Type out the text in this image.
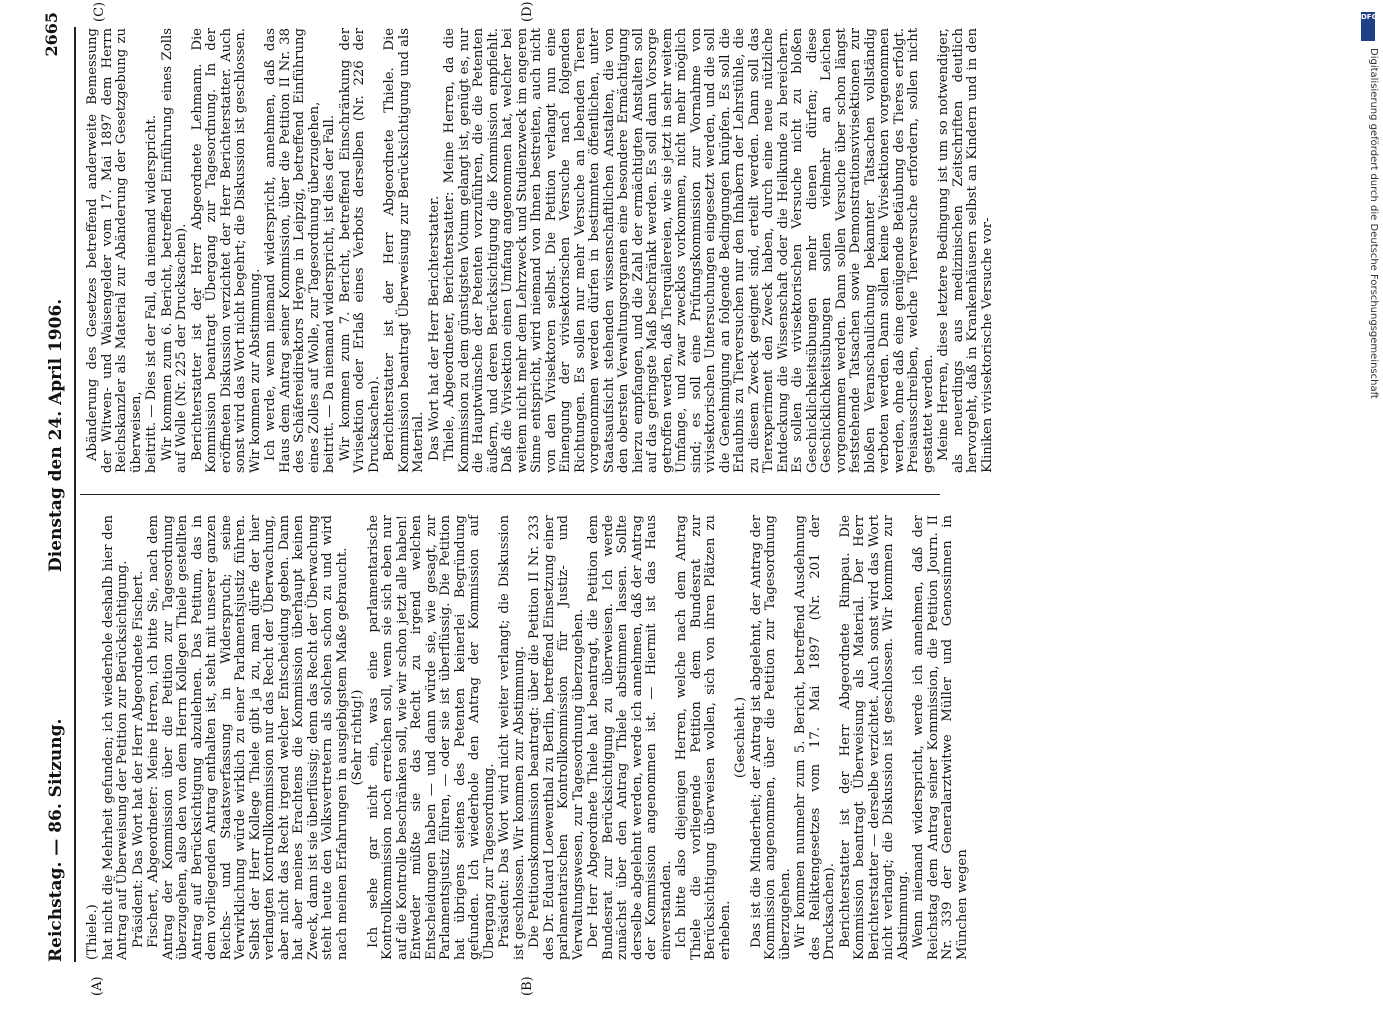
Reichstag. — 86. Sitzung.
Dienstag den 24. April 1906.
2665
(A)	(B)
(C)	(D)

(Thiele.) hat nicht die Mehrheit gefunden; ich wiederhole deshalb hier den Antrag auf Überweisung der Petition zur Berücksichtigung. Präsident: Das Wort hat der Herr Abgeordnete Fischert. Fischert, Abgeordneter: Meine Herren, ich bitte Sie, nach dem Antrag der Kommission über die Petition zur Tagesordnung überzugehen, also den von dem Herrn Kollegen Thiele gestellten Antrag auf Berücksichtigung abzulehnen. Das Petitum, das in dem vorliegenden Antrag enthalten ist, steht mit unserer ganzen Reichs- und Staatsverfassung in Widerspruch; seine Verwirklichung würde wirklich zu einer Parlamentsjustiz führen. Selbst der Herr Kollege Thiele gibt ja zu, man dürfe der hier verlangten Kontrollkommission nur das Recht der Überwachung, aber nicht das Recht irgend welcher Entscheidung geben. Dann hat aber meines Erachtens die Kommission überhaupt keinen Zweck, dann ist sie überflüssig; denn das Recht der Überwachung steht heute den Volksvertretern als solchen schon zu und wird nach meinen Erfahrungen in ausgiebigstem Maße gebraucht. (Sehr richtig!) Ich sehe gar nicht ein, was eine parlamentarische Kontrollkommission noch erreichen soll, wenn sie sich eben nur auf die Kontrolle beschränken soll, wie wir schon jetzt alle haben! Entweder müßte sie das Recht zu irgend welchen Entscheidungen haben — und dann würde sie, wie gesagt, zur Parlamentsjustiz führen, — oder sie ist überflüssig. Die Petition hat übrigens seitens des Petenten keinerlei Begründung gefunden. Ich wiederhole den Antrag der Kommission auf Übergang zur Tagesordnung. Präsident: Das Wort wird nicht weiter verlangt; die Diskussion ist geschlossen. Wir kommen zur Abstimmung. Die Petitionskommission beantragt: über die Petition II Nr. 233 des Dr. Eduard Loewenthal zu Berlin, betreffend Einsetzung einer parlamentarischen Kontrollkommission für Justiz- und Verwaltungswesen, zur Tagesordnung überzugehen. Der Herr Abgeordnete Thiele hat beantragt, die Petition dem Bundesrat zur Berücksichtigung zu überweisen. Ich werde zunächst über den Antrag Thiele abstimmen lassen. Sollte derselbe abgelehnt werden, werde ich annehmen, daß der Antrag der Kommission angenommen ist. — Hiermit ist das Haus einverstanden. Ich bitte also diejenigen Herren, welche nach dem Antrag Thiele die vorliegende Petition dem Bundesrat zur Berücksichtigung überweisen wollen, sich von ihren Plätzen zu erheben.

(Geschieht.) Das ist die Minderheit; der Antrag ist abgelehnt, der Antrag der Kommission angenommen, über die Petition zur Tagesordnung überzugehen. Wir kommen nunmehr zum 5. Bericht, betreffend Ausdehnung des Reliktengesetzes vom 17. Mai 1897 (Nr. 201 der Drucksachen). Berichterstatter ist der Herr Abgeordnete Rimpau. Die Kommission beantragt Überweisung als Material. Der Herr Berichterstatter — derselbe verzichtet. Auch sonst wird das Wort nicht verlangt; die Diskussion ist geschlossen. Wir kommen zur Abstimmung. Wenn niemand widerspricht, werde ich annehmen, daß der Reichstag dem Antrag seiner Kommission, die Petition Journ. II Nr. 339 der Generalarztwitwe Müller und Genossinnen in München wegen

Abänderung des Gesetzes betreffend anderweite Bemessung der Witwen- und Waisengelder vom 17. Mai 1897 dem Herrn Reichskanzler als Material zur Abänderung der Gesetzgebung zu überweisen, beitritt. — Dies ist der Fall, da niemand widerspricht. Wir kommen zum 6. Bericht, betreffend Einführung eines Zolls auf Wolle (Nr. 225 der Drucksachen). Berichterstatter ist der Herr Abgeordnete Lehmann. Die Kommission beantragt Übergang zur Tagesordnung. In der eröffneten Diskussion verzichtet der Herr Berichterstatter. Auch sonst wird das Wort nicht begehrt; die Diskussion ist geschlossen. Wir kommen zur Abstimmung. Ich werde, wenn niemand widerspricht, annehmen, daß das Haus dem Antrag seiner Kommission, über die Petition II Nr. 38 des Schäfereidirektors Heyne in Leipzig, betreffend Einführung eines Zolles auf Wolle, zur Tagesordnung überzugehen, beitritt. — Da niemand widerspricht, ist dies der Fall. Wir kommen zum 7. Bericht, betreffend Einschränkung der Vivisektion oder Erlaß eines Verbots derselben (Nr. 226 der Drucksachen). Berichterstatter ist der Herr Abgeordnete Thiele. Die Kommission beantragt Überweisung zur Berücksichtigung und als Material. Das Wort hat der Herr Berichterstatter. Thiele, Abgeordneter, Berichterstatter: Meine Herren, da die Kommission zu dem günstigsten Votum gelangt ist, genügt es, nur die Hauptwünsche der Petenten vorzuführen, die die Petenten äußern, und deren Berücksichtigung die Kommission empfiehlt. Daß die Vivisektion einen Umfang angenommen hat, welcher bei weitem nicht mehr dem Lehrzweck und Studienzweck im engeren Sinne entspricht, wird niemand von Ihnen bestreiten, auch nicht von den Vivisektoren selbst. Die Petition verlangt nun eine Einengung der vivisektorischen Versuche nach folgenden Richtungen. Es sollen nur mehr Versuche an lebenden Tieren vorgenommen werden dürfen in bestimmten öffentlichen, unter Staatsaufsicht stehenden wissenschaftlichen Anstalten, die von den obersten Verwaltungsorganen eine besondere Ermächtigung hierzu empfangen, und die Zahl der ermächtigten Anstalten soll auf das geringste Maß beschränkt werden. Es soll dann Vorsorge getroffen werden, daß Tierquälereien, wie sie jetzt in sehr weitem Umfange, und zwar zwecklos vorkommen, nicht mehr möglich sind; es soll eine Prüfungskommission zur Vornahme von vivisektorischen Untersuchungen eingesetzt werden, und die soll die Genehmigung an folgende Bedingungen knüpfen. Es soll die Erlaubnis zu Tierversuchen nur den Inhabern der Lehrstühle, die zu diesem Zweck geeignet sind, erteilt werden. Dann soll das Tierexperiment den Zweck haben, durch eine neue nützliche Entdeckung die Wissenschaft oder die Heilkunde zu bereichern. Es sollen die vivisektorischen Versuche nicht zu bloßen Geschicklichkeitsübungen mehr dienen dürfen; diese Geschicklichkeitsübungen sollen vielmehr an Leichen vorgenommen werden. Dann sollen Versuche über schon längst feststehende Tatsachen sowie Demonstrationsvivisektionen zur bloßen Veranschaulichung bekannter Tatsachen vollständig verboten werden. Dann sollen keine Vivisektionen vorgenommen werden, ohne daß eine genügende Betäubung des Tieres erfolgt. Preisausschreiben, welche Tierversuche erfordern, sollen nicht gestattet werden. Meine Herren, diese letztere Bedingung ist um so notwendiger, als neuerdings aus medizinischen Zeitschriften deutlich hervorgeht, daß in Krankenhäusern selbst an Kindern und in den Kliniken vivisektorische Versuche vor-

DFG
Digitalisierung gefördert durch die Deutsche Forschungsgemeinschaft
